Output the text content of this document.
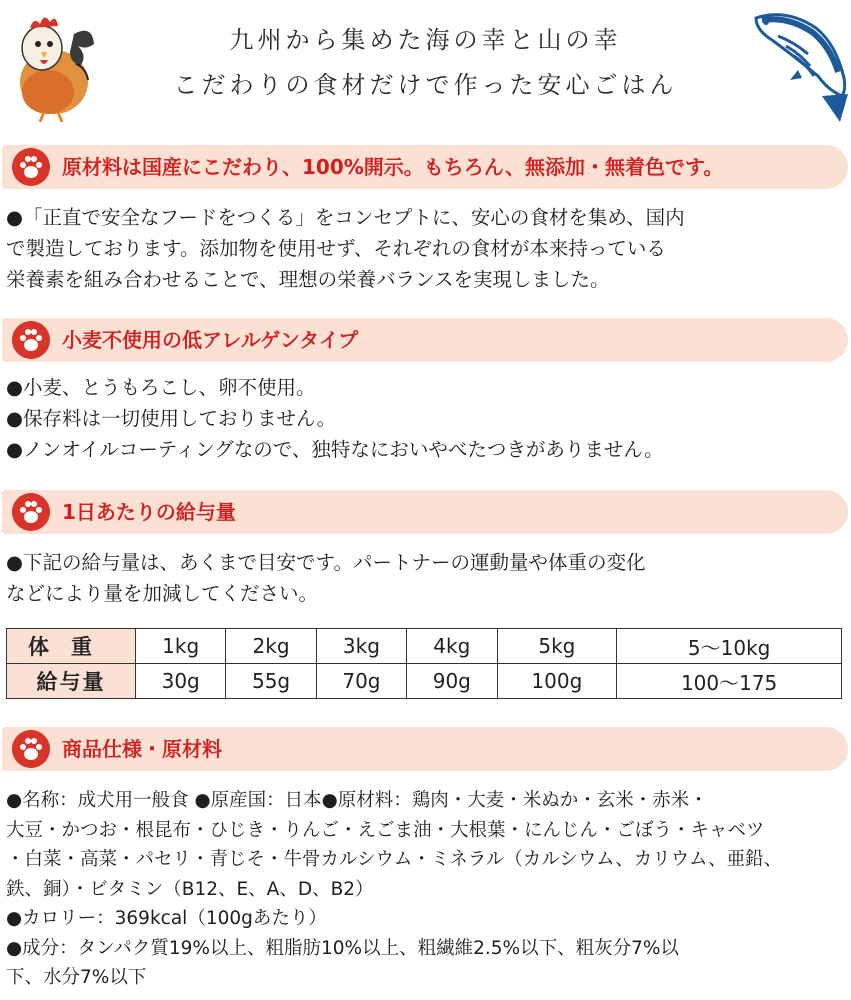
九州から集めた海の幸と山の幸
こだわりの食材だけで作った安心ごはん
原材料は国産にこだわり、100%開示。もちろん、無添加・無着色です。
●「正直で安全なフードをつくる」をコンセプトに、安心の食材を集め、国内
で製造しております。添加物を使用せず、それぞれの食材が本来持っている
栄養素を組み合わせることで、理想の栄養バランスを実現しました。
小麦不使用の低アレルゲンタイプ
●小麦、とうもろこし、卵不使用。
●保存料は一切使用しておりません。
●ノンオイルコーティングなので、独特なにおいやべたつきがありません。
1日あたりの給与量
●下記の給与量は、あくまで目安です。パートナーの運動量や体重の変化
などにより量を加減してください。
体重	1kg	2kg	3kg	4kg	5kg	5〜10kg
給与量	30g	55g	70g	90g	100g	100〜175
商品仕様・原材料
●名称：成犬用一般食 ●原産国：日本●原材料：鶏肉・大麦・米ぬか・玄米・赤米・
大豆・かつお・根昆布・ひじき・りんご・えごま油・大根葉・にんじん・ごぼう・キャベツ
・白菜・高菜・パセリ・青じそ・牛骨カルシウム・ミネラル（カルシウム、カリウム、亜鉛、
鉄、銅）・ビタミン（B12、E、A、D、B2）
●カロリー：369kcal（100gあたり）
●成分：タンパク質19%以上、粗脂肪10%以上、粗繊維2.5%以下、粗灰分7%以
下、水分7%以下
